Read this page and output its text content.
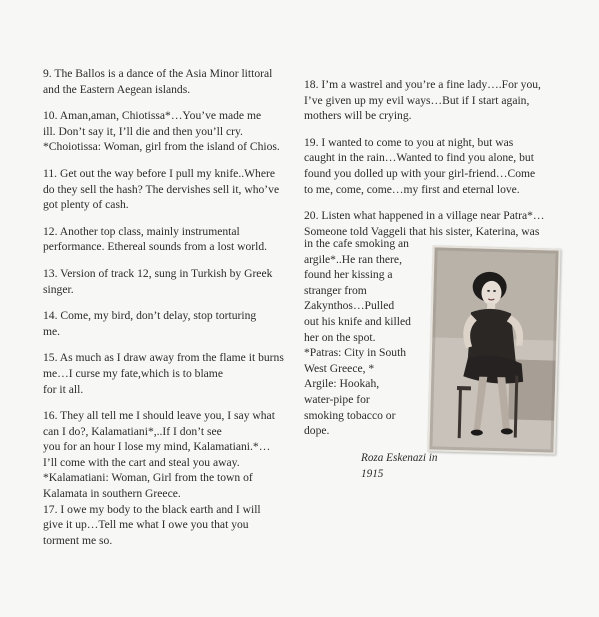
9. The Ballos is a dance of the Asia Minor littoral
and the Eastern Aegean islands.
10. Aman,aman, Chiotissa*…You’ve made me
ill. Don’t say it, I’ll die and then you’ll cry.
*Choiotissa: Woman, girl from the island of Chios.
11. Get out the way before I pull my knife..Where
do they sell the hash? The dervishes sell it, who’ve
got plenty of cash.
12. Another top class, mainly instrumental
performance. Ethereal sounds from a lost world.
13. Version of track 12, sung in Turkish by Greek
singer.
14. Come, my bird, don’t delay, stop torturing
me.
15. As much as I draw away from the flame it burns
me…I curse my fate,which is to blame
for it all.
16. They all tell me I should leave you, I say what
can I do?, Kalamatiani*,..If I don’t see
you for an hour I lose my mind, Kalamatiani.*…
I’ll come with the cart and steal you away.
*Kalamatiani: Woman, Girl from the town of
Kalamata in southern Greece.
17. I owe my body to the black earth and I will
give it up…Tell me what I owe you that you
torment me so.
18. I’m a wastrel and you’re a fine lady….For you,
I’ve given up my evil ways…But if I start again,
mothers will be crying.
19. I wanted to come to you at night, but was
caught in the rain…Wanted to find you alone, but
found you dolled up with your girl-friend…Come
to me, come, come…my first and eternal love.
20. Listen what happened in a village near Patra*…
Someone told Vaggeli that his sister, Katerina, was
in the cafe smoking an
argile*..He ran there,
found her kissing a
stranger from
Zakynthos…Pulled
out his knife and killed
her on the spot.
*Patras: City in South
West Greece, *
Argile: Hookah,
water-pipe for
smoking tobacco or
dope.
Roza Eskenazi in
1915
